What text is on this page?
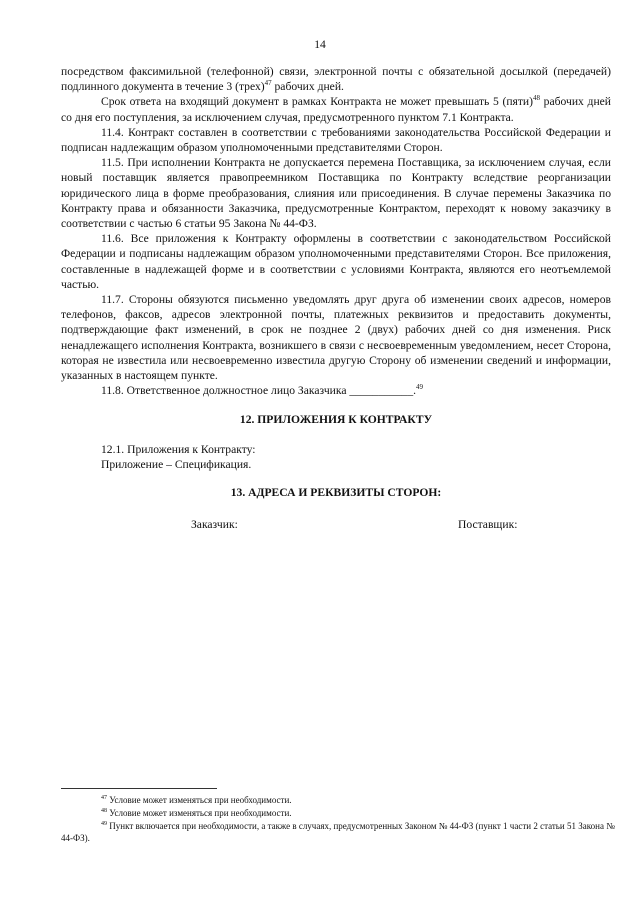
14

посредством факсимильной (телефонной) связи, электронной почты с обязательной досылкой (передачей) подлинного документа в течение 3 (трех)$^{47}$ рабочих дней.

Срок ответа на входящий документ в рамках Контракта не может превышать 5 (пяти)$^{48}$ рабочих дней со дня его поступления, за исключением случая, предусмотренного пунктом 7.1 Контракта.

11.4. Контракт составлен в соответствии с требованиями законодательства Российской Федерации и подписан надлежащим образом уполномоченными представителями Сторон.

11.5. При исполнении Контракта не допускается перемена Поставщика, за исключением случая, если новый поставщик является правопреемником Поставщика по Контракту вследствие реорганизации юридического лица в форме преобразования, слияния или присоединения. В случае перемены Заказчика по Контракту права и обязанности Заказчика, предусмотренные Контрактом, переходят к новому заказчику в соответствии с частью 6 статьи 95 Закона № 44-ФЗ.

11.6. Все приложения к Контракту оформлены в соответствии с законодательством Российской Федерации и подписаны надлежащим образом уполномоченными представителями Сторон. Все приложения, составленные в надлежащей форме и в соответствии с условиями Контракта, являются его неотъемлемой частью.

11.7. Стороны обязуются письменно уведомлять друг друга об изменении своих адресов, номеров телефонов, факсов, адресов электронной почты, платежных реквизитов и предоставить документы, подтверждающие факт изменений, в срок не позднее 2 (двух) рабочих дней со дня изменения. Риск ненадлежащего исполнения Контракта, возникшего в связи с несвоевременным уведомлением, несет Сторона, которая не известила или несвоевременно известила другую Сторону об изменении сведений и информации, указанных в настоящем пункте.

11.8. Ответственное должностное лицо Заказчика ___________.$^{49}$

12. ПРИЛОЖЕНИЯ К КОНТРАКТУ

12.1. Приложения к Контракту:

Приложение – Спецификация.

13. АДРЕСА И РЕКВИЗИТЫ СТОРОН:

Заказчик:	Поставщик:

$^{47}$ Условие может изменяться при необходимости.

$^{48}$ Условие может изменяться при необходимости.

$^{49}$ Пункт включается при необходимости, а также в случаях, предусмотренных Законом № 44-ФЗ (пункт 1 части 2 статьи 51 Закона № 44-ФЗ).
